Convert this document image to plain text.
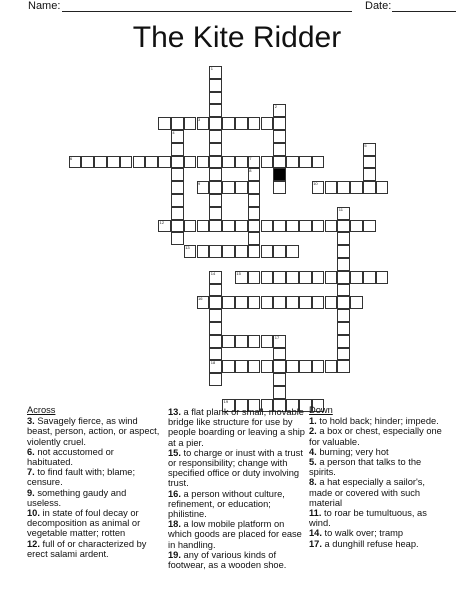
Name:	Date:
The Kite Ridder
1
2
3
4
5
6	7
8
9	10
11
12
13
14	15
16
17
18
19
Across

3. Savagely fierce, as wind beast, person, action, or aspect, violently cruel.

6. not accustomed or habituated.

7. to find fault with; blame; censure.

9. something gaudy and useless.

10. in state of foul decay or decomposition as animal or vegetable matter; rotten

12. full of or characterized by erect salami ardent.

13. a flat plank or small, movable bridge like structure for use by people boarding or leaving a ship at a pier.

15. to charge or inust with a trust or responsibility; change with specified office or duty involving trust.

16. a person without culture, refinement, or education; philistine.

18. a low mobile platform on which goods are placed for ease in handling.

19. any of various kinds of footwear, as a wooden shoe.

Down

1. to hold back; hinder; impede.

2. a box or chest, especially one for valuable.

4. burning; very hot

5. a person that talks to the spirits.

8. a hat especially a sailor's, made or covered with such material

11. to roar be tumultuous, as wind.

14. to walk over; tramp

17. a dunghill refuse heap.
